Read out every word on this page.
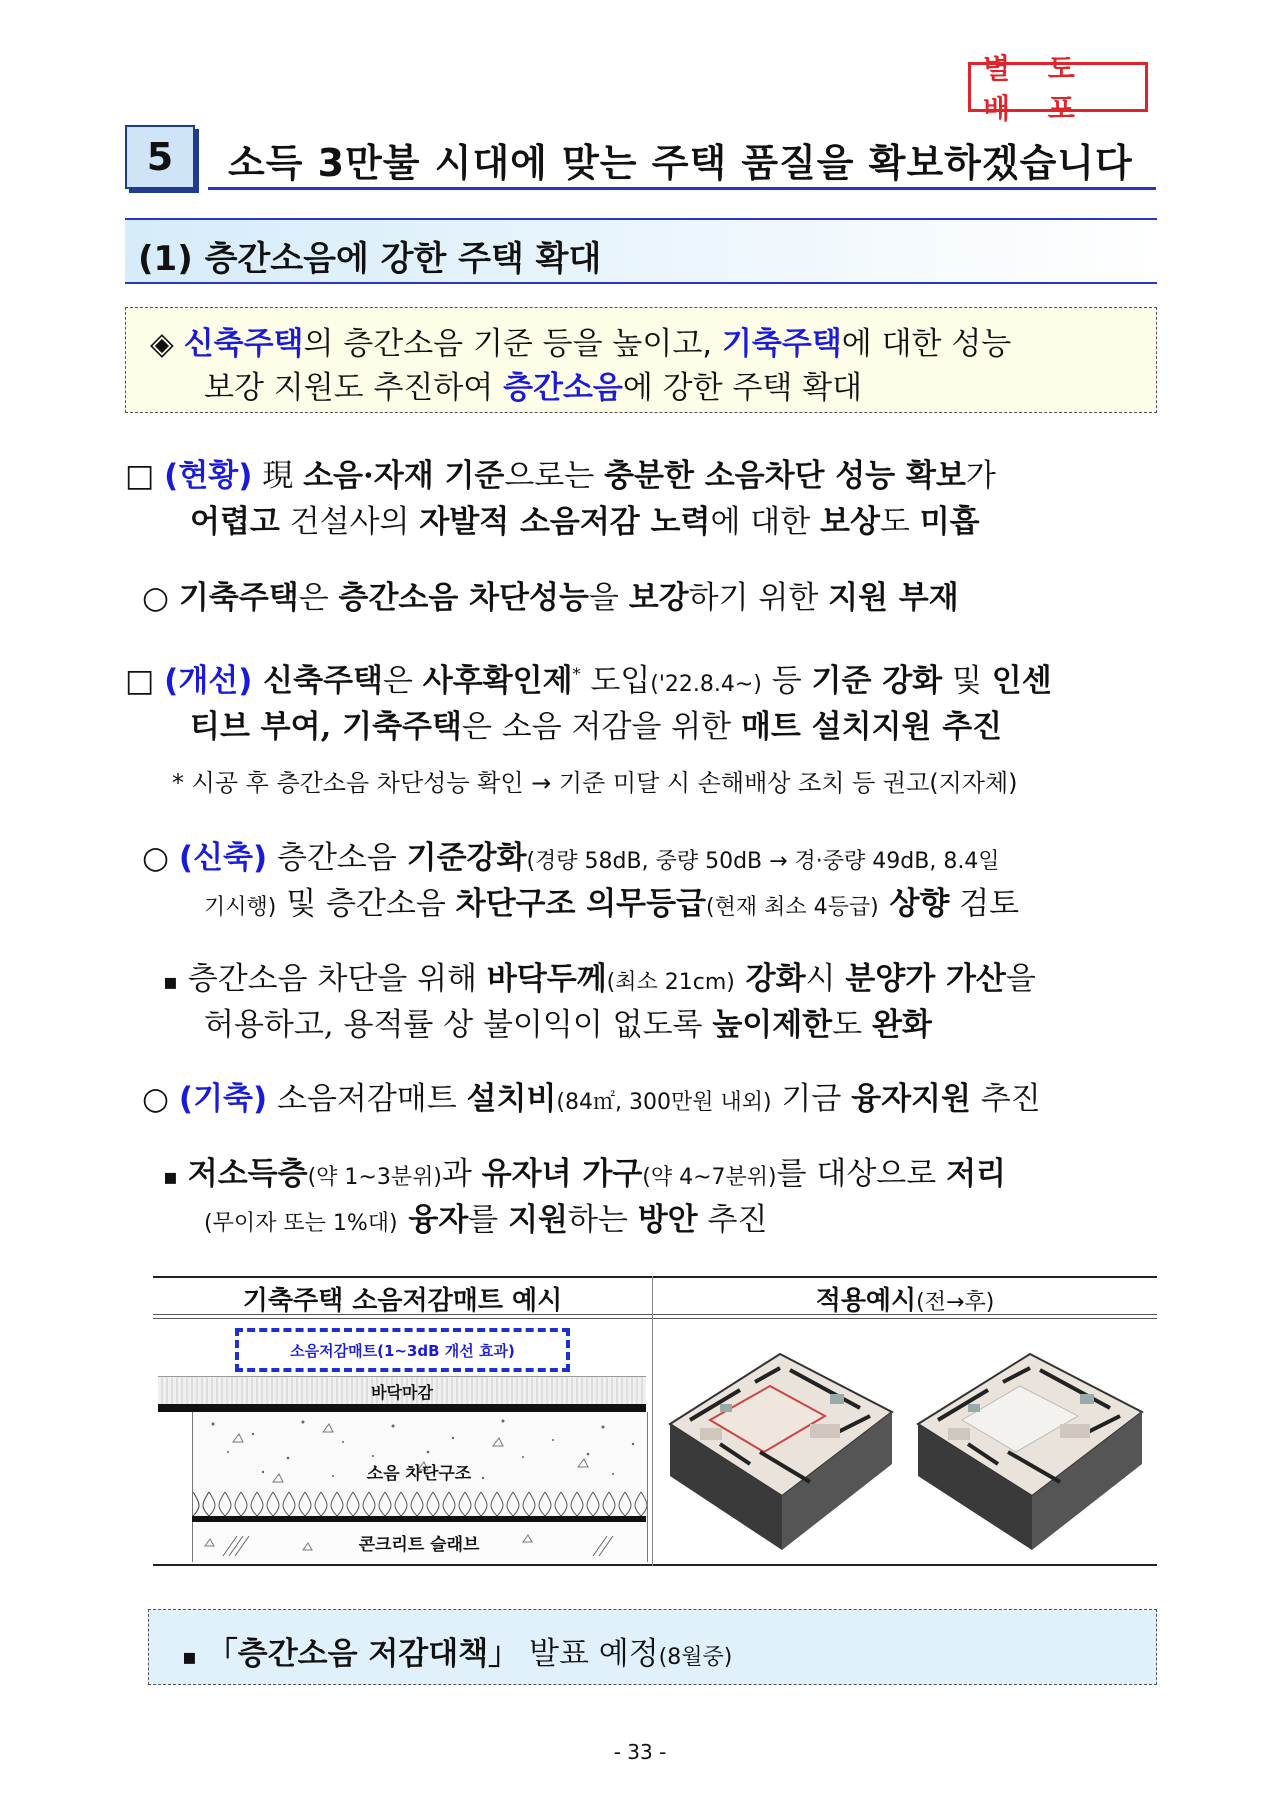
별 도 배 포
5	소득 3만불 시대에 맞는 주택 품질을 확보하겠습니다
(1) 층간소음에 강한 주택 확대
◈ 신축주택의 층간소음 기준 등을 높이고, 기축주택에 대한 성능
보강 지원도 추진하여 층간소음에 강한 주택 확대
□ (현황) 現 소음·자재 기준으로는 충분한 소음차단 성능 확보가
어렵고 건설사의 자발적 소음저감 노력에 대한 보상도 미흡
○ 기축주택은 층간소음 차단성능을 보강하기 위한 지원 부재
□ (개선) 신축주택은 사후확인제* 도입('22.8.4~) 등 기준 강화 및 인센
티브 부여, 기축주택은 소음 저감을 위한 매트 설치지원 추진
* 시공 후 층간소음 차단성능 확인 → 기준 미달 시 손해배상 조치 등 권고(지자체)
○ (신축) 층간소음 기준강화(경량 58dB, 중량 50dB → 경·중량 49dB, 8.4일
기시행) 및 층간소음 차단구조 의무등급(현재 최소 4등급) 상향 검토
▪ 층간소음 차단을 위해 바닥두께(최소 21cm) 강화시 분양가 가산을
허용하고, 용적률 상 불이익이 없도록 높이제한도 완화
○ (기축) 소음저감매트 설치비(84㎡, 300만원 내외) 기금 융자지원 추진
▪ 저소득층(약 1~3분위)과 유자녀 가구(약 4~7분위)를 대상으로 저리
(무이자 또는 1%대) 융자를 지원하는 방안 추진
기축주택 소음저감매트 예시	적용예시(전→후)
소음저감매트(1~3dB 개선 효과)
바닥마감
소음 차단구조
콘크리트 슬래브
▪ 「층간소음 저감대책」 발표 예정(8월중)
- 33 -
